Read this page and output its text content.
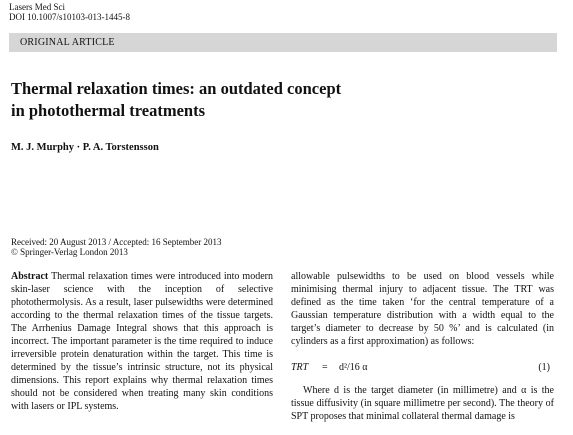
Lasers Med Sci
DOI 10.1007/s10103-013-1445-8
ORIGINAL ARTICLE
Thermal relaxation times: an outdated concept
in photothermal treatments
M. J. Murphy · P. A. Torstensson
Received: 20 August 2013 / Accepted: 16 September 2013
© Springer-Verlag London 2013

Abstract Thermal relaxation times were introduced into modern skin-laser science with the inception of selective photothermolysis. As a result, laser pulsewidths were determined according to the thermal relaxation times of the tissue targets. The Arrhenius Damage Integral shows that this approach is incorrect. The important parameter is the time required to induce irreversible protein denaturation within the target. This time is determined by the tissue’s intrinsic structure, not its physical dimensions. This report explains why thermal relaxation times should not be considered when treating many skin conditions with lasers or IPL systems.

allowable pulsewidths to be used on blood vessels while minimising thermal injury to adjacent tissue. The TRT was defined as the time taken ‘for the central temperature of a Gaussian temperature distribution with a width equal to the target’s diameter to decrease by 50 %’ and is calculated (in cylinders as a first approximation) as follows:

TRT = d²/16 α	(1)

Where d is the target diameter (in millimetre) and α is the tissue diffusivity (in square millimetre per second). The theory of SPT proposes that minimal collateral thermal damage is
